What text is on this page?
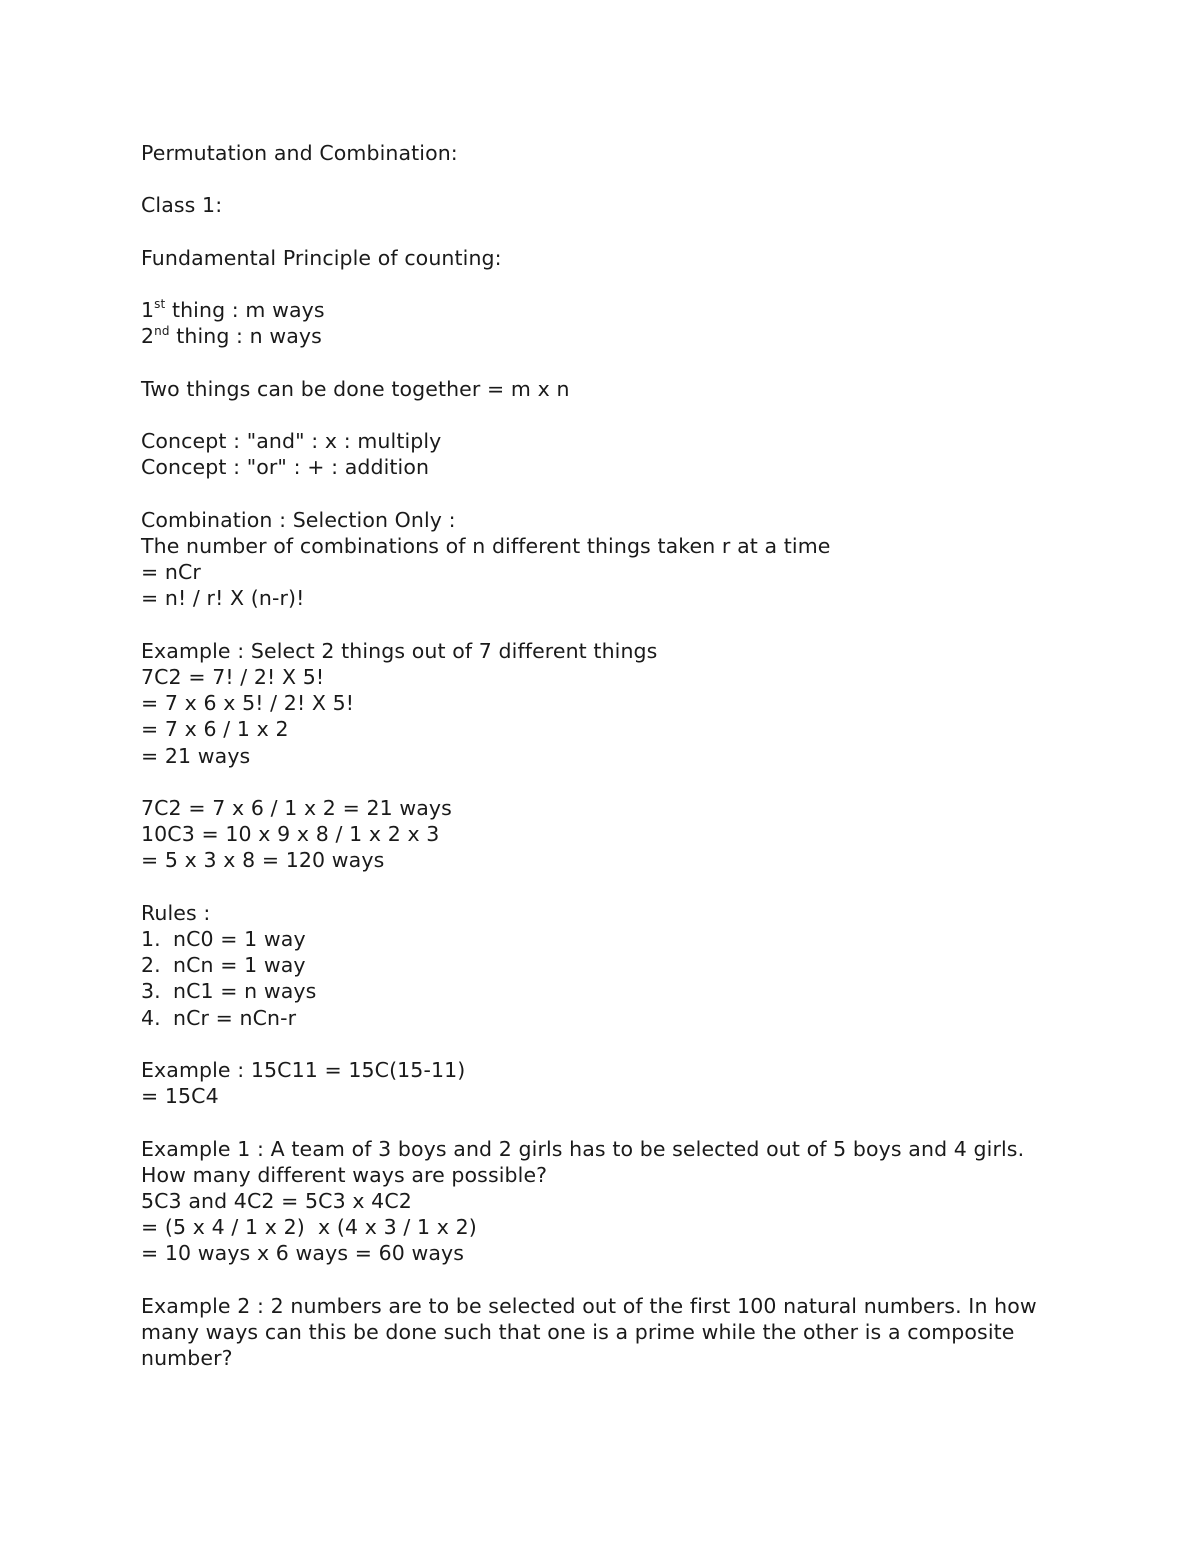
Permutation and Combination:
Class 1:
Fundamental Principle of counting:
1st thing : m ways
2nd thing : n ways
Two things can be done together = m x n
Concept : "and" : x : multiply
Concept : "or" : + : addition
Combination : Selection Only :
The number of combinations of n different things taken r at a time
= nCr
= n! / r! X (n-r)!
Example : Select 2 things out of 7 different things
7C2 = 7! / 2! X 5!
= 7 x 6 x 5! / 2! X 5!
= 7 x 6 / 1 x 2
= 21 ways
7C2 = 7 x 6 / 1 x 2 = 21 ways
10C3 = 10 x 9 x 8 / 1 x 2 x 3
= 5 x 3 x 8 = 120 ways
Rules :
1. nC0 = 1 way
2. nCn = 1 way
3. nC1 = n ways
4. nCr = nCn-r
Example : 15C11 = 15C(15-11)
= 15C4
Example 1 : A team of 3 boys and 2 girls has to be selected out of 5 boys and 4 girls. How many different ways are possible?
5C3 and 4C2 = 5C3 x 4C2
= (5 x 4 / 1 x 2)  x (4 x 3 / 1 x 2)
= 10 ways x 6 ways = 60 ways
Example 2 : 2 numbers are to be selected out of the first 100 natural numbers. In how many ways can this be done such that one is a prime while the other is a composite number?
